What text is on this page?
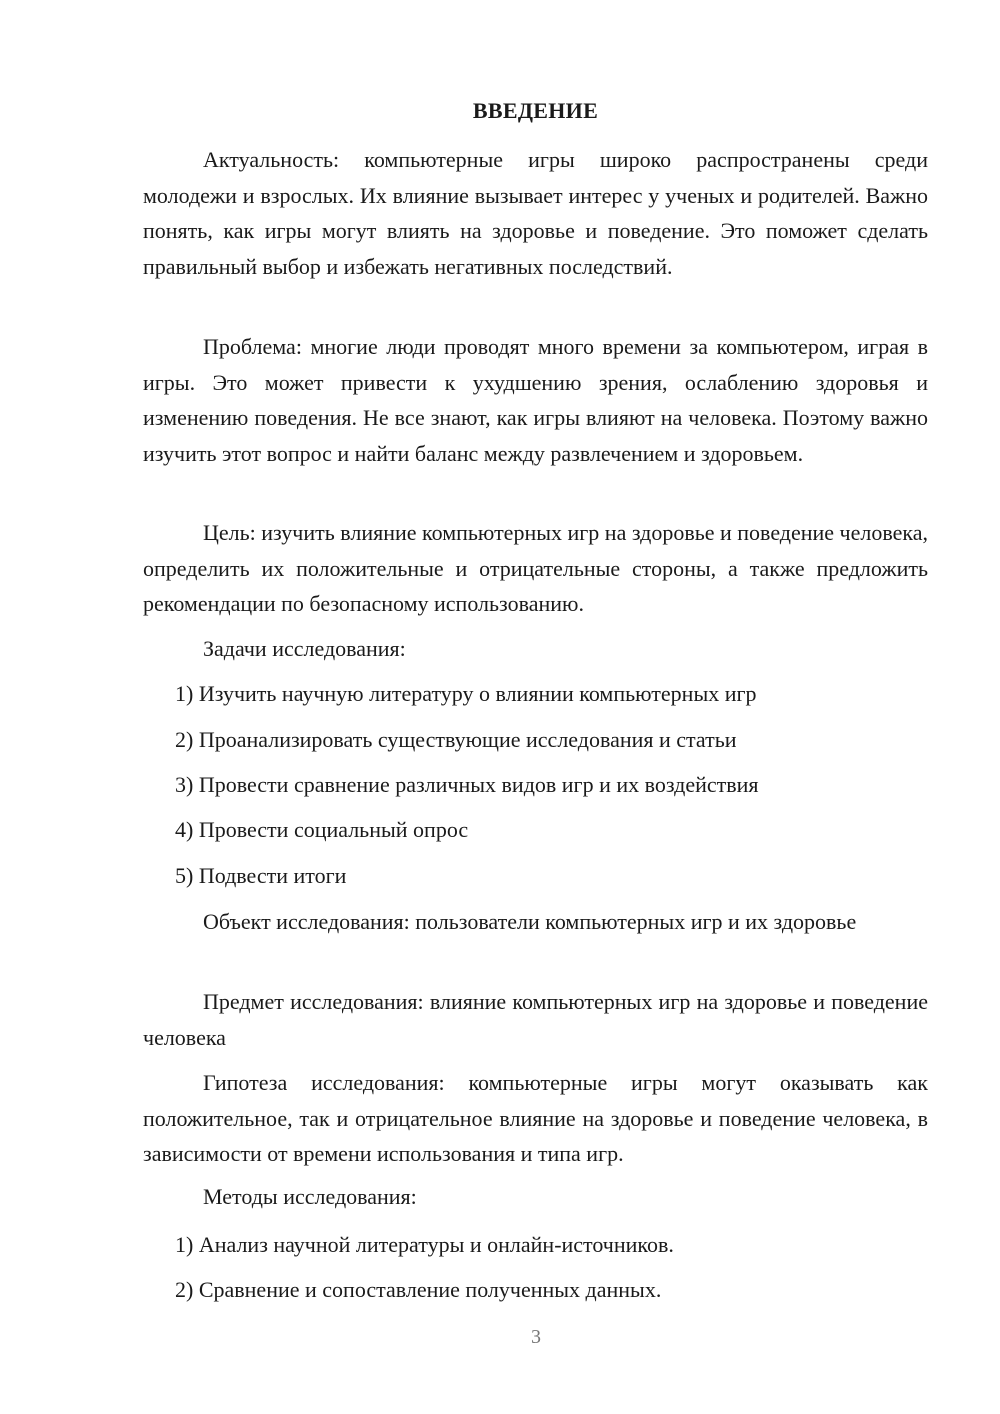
ВВЕДЕНИЕ

Актуальность: компьютерные игры широко распространены среди молодежи и взрослых. Их влияние вызывает интерес у ученых и родителей. Важно понять, как игры могут влиять на здоровье и поведение. Это поможет сделать правильный выбор и избежать негативных последствий.

Проблема: многие люди проводят много времени за компьютером, играя в игры. Это может привести к ухудшению зрения, ослаблению здоровья и изменению поведения. Не все знают, как игры влияют на человека. Поэтому важно изучить этот вопрос и найти баланс между развлечением и здоровьем.

Цель: изучить влияние компьютерных игр на здоровье и поведение человека, определить их положительные и отрицательные стороны, а также предложить рекомендации по безопасному использованию.

Задачи исследования:

1) Изучить научную литературу о влиянии компьютерных игр

2) Проанализировать существующие исследования и статьи

3) Провести сравнение различных видов игр и их воздействия

4) Провести социальный опрос

5) Подвести итоги

Объект исследования: пользователи компьютерных игр и их здоровье

Предмет исследования: влияние компьютерных игр на здоровье и поведение человека

Гипотеза исследования: компьютерные игры могут оказывать как положительное, так и отрицательное влияние на здоровье и поведение человека, в зависимости от времени использования и типа игр.

Методы исследования:

1) Анализ научной литературы и онлайн-источников.

2) Сравнение и сопоставление полученных данных.

3
